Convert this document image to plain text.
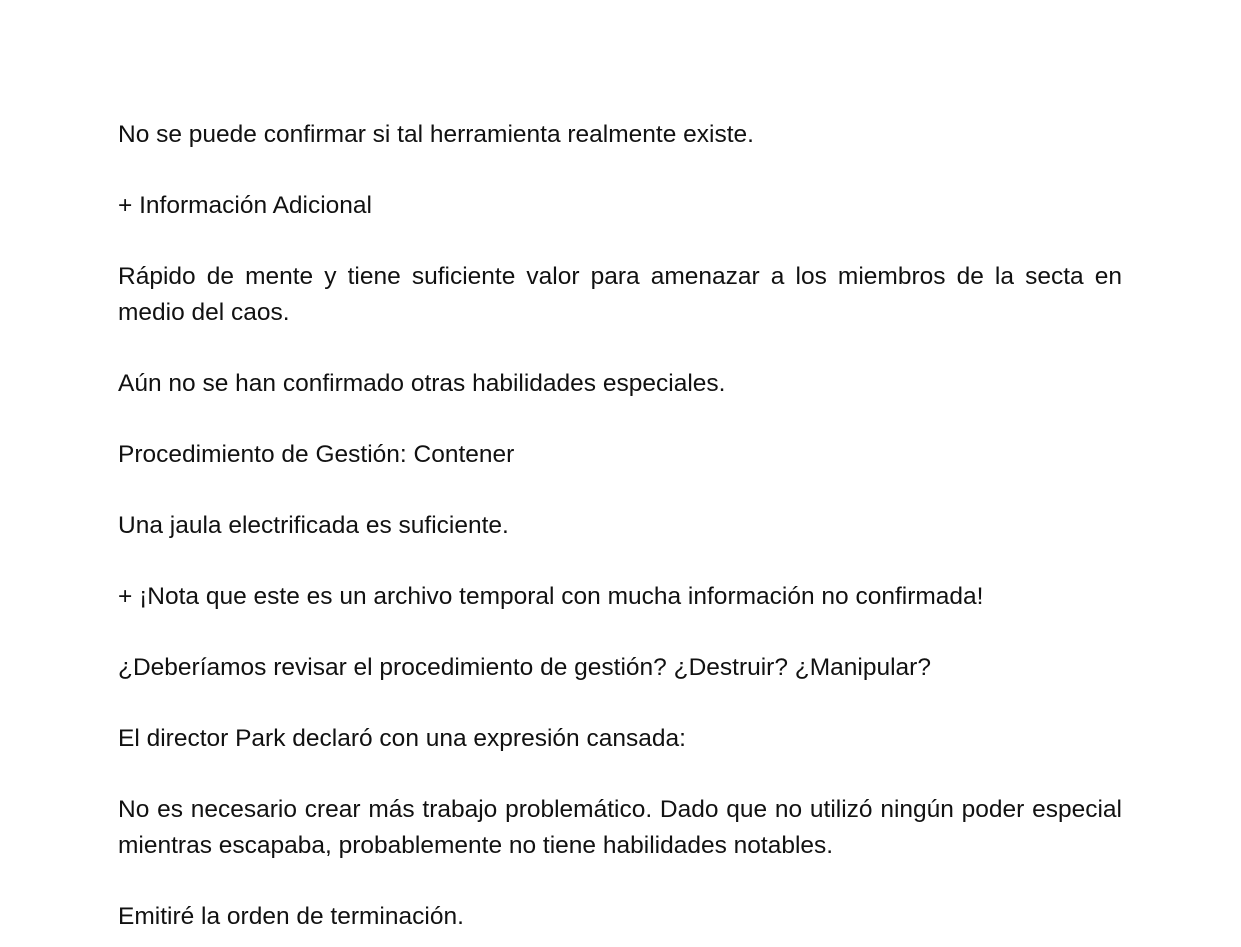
No se puede confirmar si tal herramienta realmente existe.

+ Información Adicional

Rápido de mente y tiene suficiente valor para amenazar a los miembros de la secta en medio del caos.

Aún no se han confirmado otras habilidades especiales.

Procedimiento de Gestión: Contener

Una jaula electrificada es suficiente.

+ ¡Nota que este es un archivo temporal con mucha información no confirmada!

¿Deberíamos revisar el procedimiento de gestión? ¿Destruir? ¿Manipular?

El director Park declaró con una expresión cansada:

No es necesario crear más trabajo problemático. Dado que no utilizó ningún poder especial mientras escapaba, probablemente no tiene habilidades notables.

Emitiré la orden de terminación.
